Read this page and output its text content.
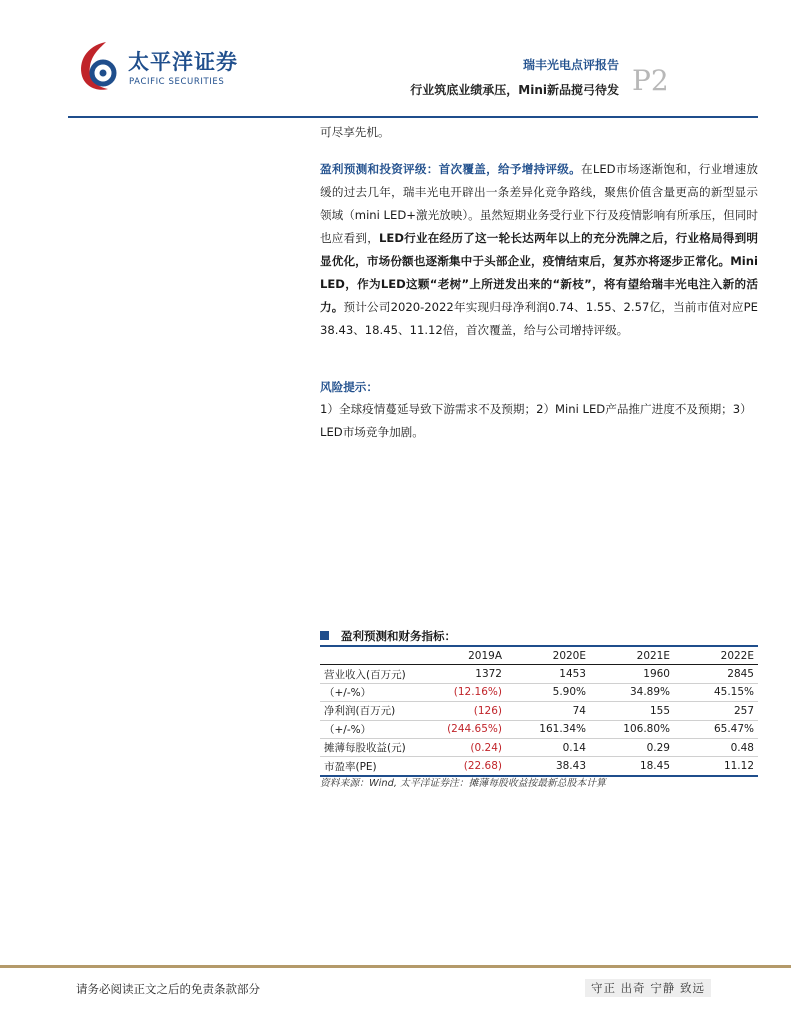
太平洋证券
PACIFIC SECURITIES
瑞丰光电点评报告
行业筑底业绩承压，Mini新品搅弓待发 P2
可尽享先机。
盈利预测和投资评级：首次覆盖，给予增持评级。在LED市场逐渐饱和，行业增速放缓的过去几年，瑞丰光电开辟出一条差异化竞争路线，聚焦价值含量更高的新型显示领域（mini LED+激光放映）。虽然短期业务受行业下行及疫情影响有所承压，但同时也应看到，LED行业在经历了这一轮长达两年以上的充分洗牌之后，行业格局得到明显优化，市场份额也逐渐集中于头部企业，疫情结束后，复苏亦将逐步正常化。Mini LED，作为LED这颗“老树”上所迸发出来的“新枝”，将有望给瑞丰光电注入新的活力。预计公司2020-2022年实现归母净利润0.74、1.55、2.57亿，当前市值对应PE 38.43、18.45、11.12倍，首次覆盖，给与公司增持评级。
风险提示：
1）全球疫情蔓延导致下游需求不及预期；2）Mini LED产品推广进度不及预期；3）LED市场竞争加剧。
盈利预测和财务指标：
	2019A	2020E	2021E	2022E
营业收入(百万元)	1372	1453	1960	2845
（+/-%）	(12.16%)	5.90%	34.89%	45.15%
净利润(百万元)	(126)	74	155	257
（+/-%）	(244.65%)	161.34%	106.80%	65.47%
摊薄每股收益(元)	(0.24)	0.14	0.29	0.48
市盈率(PE)	(22.68)	38.43	18.45	11.12
资料来源：Wind, 太平洋证券注：摊薄每股收益按最新总股本计算
请务必阅读正文之后的免责条款部分	守正 出奇 宁静 致远
